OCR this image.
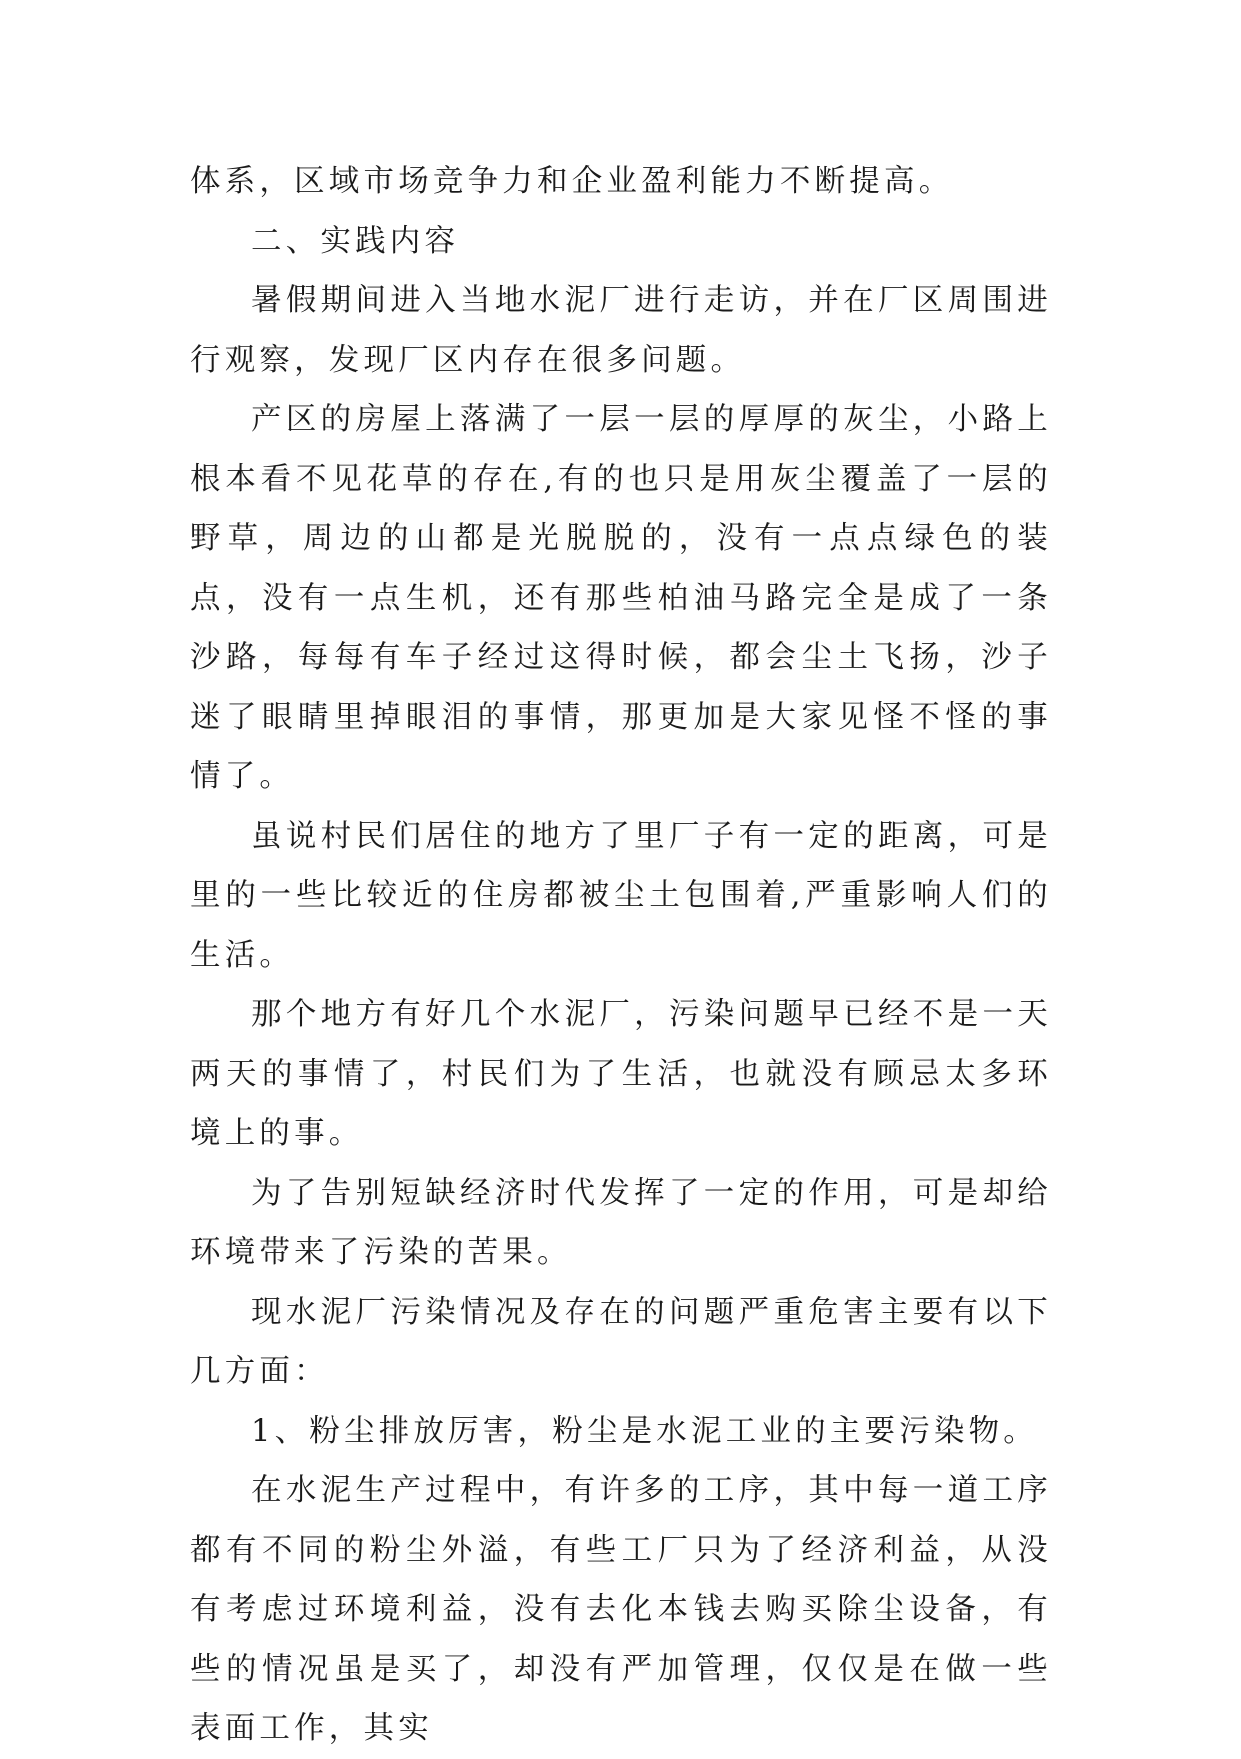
体系，区域市场竞争力和企业盈利能力不断提高。

二、实践内容

暑假期间进入当地水泥厂进行走访，并在厂区周围进行观察，发现厂区内存在很多问题。

产区的房屋上落满了一层一层的厚厚的灰尘，小路上根本看不见花草的存在,有的也只是用灰尘覆盖了一层的野草，周边的山都是光脱脱的，没有一点点绿色的装点，没有一点生机，还有那些柏油马路完全是成了一条沙路，每每有车子经过这得时候，都会尘土飞扬，沙子迷了眼睛里掉眼泪的事情，那更加是大家见怪不怪的事情了。

虽说村民们居住的地方了里厂子有一定的距离，可是里的一些比较近的住房都被尘土包围着,严重影响人们的生活。

那个地方有好几个水泥厂，污染问题早已经不是一天两天的事情了，村民们为了生活，也就没有顾忌太多环境上的事。

为了告别短缺经济时代发挥了一定的作用，可是却给环境带来了污染的苦果。

现水泥厂污染情况及存在的问题严重危害主要有以下几方面：

1、粉尘排放厉害，粉尘是水泥工业的主要污染物。

在水泥生产过程中，有许多的工序，其中每一道工序都有不同的粉尘外溢，有些工厂只为了经济利益，从没有考虑过环境利益，没有去化本钱去购买除尘设备，有些的情况虽是买了，却没有严加管理，仅仅是在做一些表面工作，其实
